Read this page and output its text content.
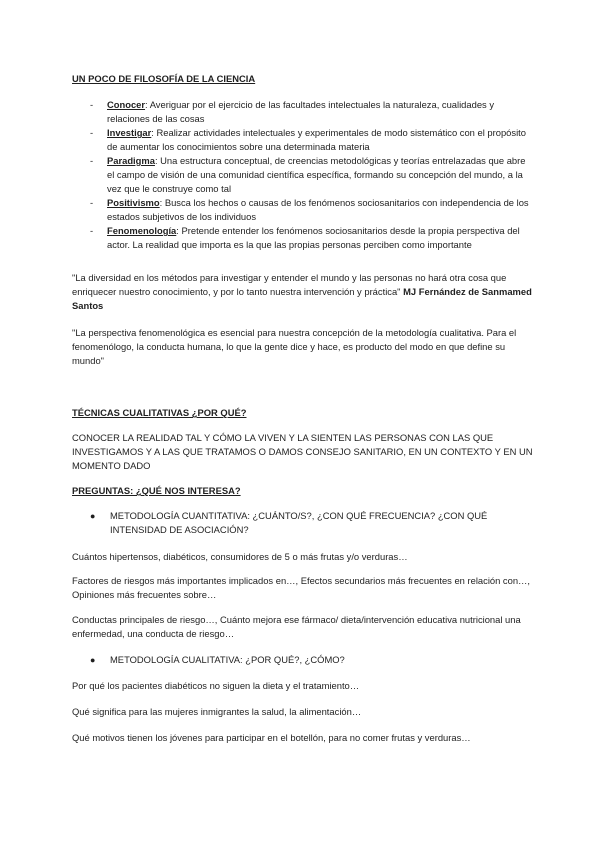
UN POCO DE FILOSOFÍA DE LA CIENCIA
- Conocer: Averiguar por el ejercicio de las facultades intelectuales la naturaleza, cualidades y relaciones de las cosas
- Investigar: Realizar actividades intelectuales y experimentales de modo sistemático con el propósito de aumentar los conocimientos sobre una determinada materia
- Paradigma: Una estructura conceptual, de creencias metodológicas y teorías entrelazadas que abre el campo de visión de una comunidad científica específica, formando su concepción del mundo, a la vez que le construye como tal
- Positivismo: Busca los hechos o causas de los fenómenos sociosanitarios con independencia de los estados subjetivos de los individuos
- Fenomenología: Pretende entender los fenómenos sociosanitarios desde la propia perspectiva del actor. La realidad que importa es la que las propias personas perciben como importante

"La diversidad en los métodos para investigar y entender el mundo y las personas no hará otra cosa que enriquecer nuestro conocimiento, y por lo tanto nuestra intervención y práctica" MJ Fernández de Sanmamed Santos

"La perspectiva fenomenológica es esencial para nuestra concepción de la metodología cualitativa. Para el fenomenólogo, la conducta humana, lo que la gente dice y hace, es producto del modo en que define su mundo"

TÉCNICAS CUALITATIVAS ¿POR QUÉ?

CONOCER LA REALIDAD TAL Y CÓMO LA VIVEN Y LA SIENTEN LAS PERSONAS CON LAS QUE INVESTIGAMOS Y A LAS QUE TRATAMOS O DAMOS CONSEJO SANITARIO, EN UN CONTEXTO Y EN UN MOMENTO DADO

PREGUNTAS: ¿QUÉ NOS INTERESA?
● METODOLOGÍA CUANTITATIVA: ¿CUÁNTO/S?, ¿CON QUÉ FRECUENCIA? ¿CON QUÉ INTENSIDAD DE ASOCIACIÓN?

Cuántos hipertensos, diabéticos, consumidores de 5 o más frutas y/o verduras…

Factores de riesgos más importantes implicados en…, Efectos secundarios más frecuentes en relación con…, Opiniones más frecuentes sobre…

Conductas principales de riesgo…, Cuánto mejora ese fármaco/ dieta/intervención educativa nutricional una enfermedad, una conducta de riesgo…

● METODOLOGÍA CUALITATIVA: ¿POR QUÉ?, ¿CÓMO?

Por qué los pacientes diabéticos no siguen la dieta y el tratamiento…

Qué significa para las mujeres inmigrantes la salud, la alimentación…

Qué motivos tienen los jóvenes para participar en el botellón, para no comer frutas y verduras…
